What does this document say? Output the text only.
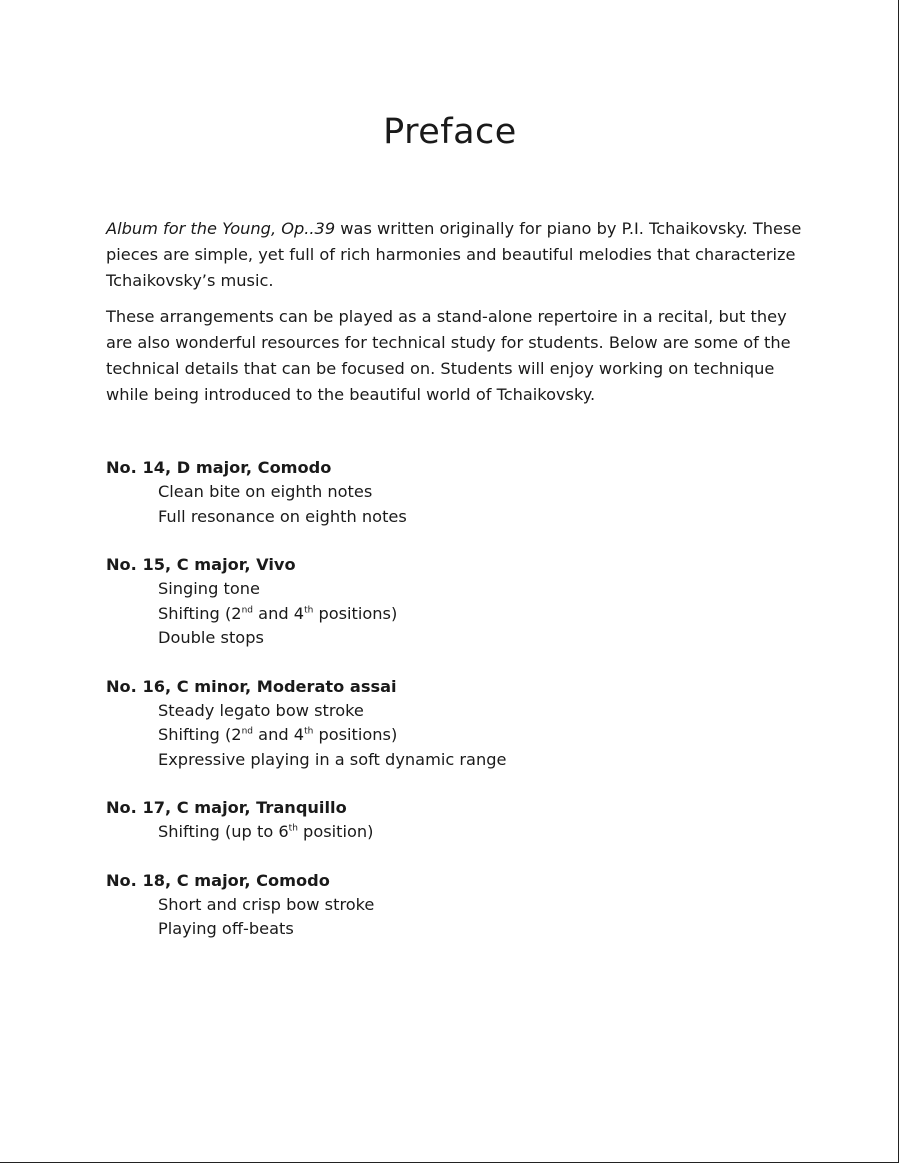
Preface

Album for the Young, Op..39 was written originally for piano by P.I. Tchaikovsky. These pieces are simple, yet full of rich harmonies and beautiful melodies that characterize Tchaikovsky’s music.

These arrangements can be played as a stand-alone repertoire in a recital, but they are also wonderful resources for technical study for students. Below are some of the technical details that can be focused on. Students will enjoy working on technique while being introduced to the beautiful world of Tchaikovsky.

No. 14, D major, Comodo

Clean bite on eighth notes
Full resonance on eighth notes

No. 15, C major, Vivo

Singing tone
Shifting (2nd and 4th positions)
Double stops

No. 16, C minor, Moderato assai

Steady legato bow stroke
Shifting (2nd and 4th positions)
Expressive playing in a soft dynamic range

No. 17, C major, Tranquillo

Shifting (up to 6th position)

No. 18, C major, Comodo

Short and crisp bow stroke
Playing off-beats
